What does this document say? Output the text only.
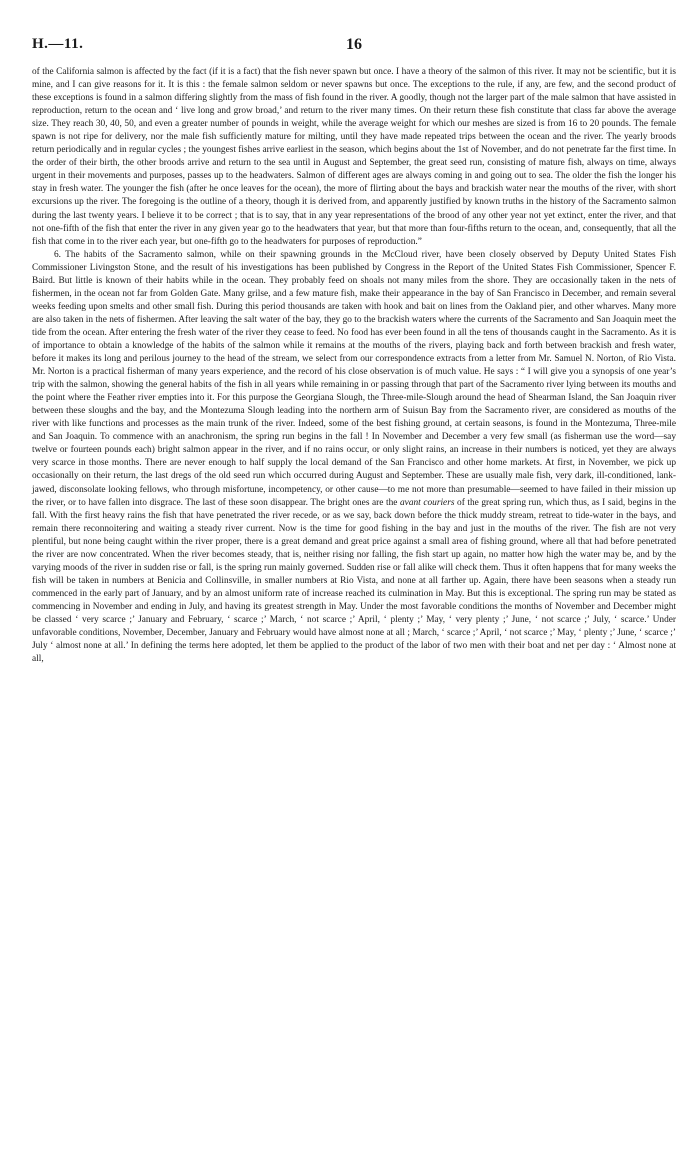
H.—11.	16

of the California salmon is affected by the fact (if it is a fact) that the fish never spawn but once. I have a theory of the salmon of this river. It may not be scientific, but it is mine, and I can give reasons for it. It is this : the female salmon seldom or never spawns but once. The exceptions to the rule, if any, are few, and the second product of these exceptions is found in a salmon differing slightly from the mass of fish found in the river. A goodly, though not the larger part of the male salmon that have assisted in reproduction, return to the ocean and ‘ live long and grow broad,’ and return to the river many times. On their return these fish constitute that class far above the average size. They reach 30, 40, 50, and even a greater number of pounds in weight, while the average weight for which our meshes are sized is from 16 to 20 pounds. The female spawn is not ripe for delivery, nor the male fish sufficiently mature for milting, until they have made repeated trips between the ocean and the river. The yearly broods return periodically and in regular cycles ; the youngest fishes arrive earliest in the season, which begins about the 1st of November, and do not penetrate far the first time. In the order of their birth, the other broods arrive and return to the sea until in August and September, the great seed run, consisting of mature fish, always on time, always urgent in their movements and purposes, passes up to the headwaters. Salmon of different ages are always coming in and going out to sea. The older the fish the longer his stay in fresh water. The younger the fish (after he once leaves for the ocean), the more of flirting about the bays and brackish water near the mouths of the river, with short excursions up the river. The foregoing is the outline of a theory, though it is derived from, and apparently justified by known truths in the history of the Sacramento salmon during the last twenty years. I believe it to be correct ; that is to say, that in any year representations of the brood of any other year not yet extinct, enter the river, and that not one-fifth of the fish that enter the river in any given year go to the headwaters that year, but that more than four-fifths return to the ocean, and, consequently, that all the fish that come in to the river each year, but one-fifth go to the headwaters for purposes of reproduction.”

6. The habits of the Sacramento salmon, while on their spawning grounds in the McCloud river, have been closely observed by Deputy United States Fish Commissioner Livingston Stone, and the result of his investigations has been published by Congress in the Report of the United States Fish Commissioner, Spencer F. Baird. But little is known of their habits while in the ocean. They probably feed on shoals not many miles from the shore. They are occasionally taken in the nets of fishermen, in the ocean not far from Golden Gate. Many grilse, and a few mature fish, make their appearance in the bay of San Francisco in December, and remain several weeks feeding upon smelts and other small fish. During this period thousands are taken with hook and bait on lines from the Oakland pier, and other wharves. Many more are also taken in the nets of fishermen. After leaving the salt water of the bay, they go to the brackish waters where the currents of the Sacramento and San Joaquin meet the tide from the ocean. After entering the fresh water of the river they cease to feed. No food has ever been found in all the tens of thousands caught in the Sacramento. As it is of importance to obtain a knowledge of the habits of the salmon while it remains at the mouths of the rivers, playing back and forth between brackish and fresh water, before it makes its long and perilous journey to the head of the stream, we select from our correspondence extracts from a letter from Mr. Samuel N. Norton, of Rio Vista. Mr. Norton is a practical fisherman of many years experience, and the record of his close observation is of much value. He says : “ I will give you a synopsis of one year’s trip with the salmon, showing the general habits of the fish in all years while remaining in or passing through that part of the Sacramento river lying between its mouths and the point where the Feather river empties into it. For this purpose the Georgiana Slough, the Three-mile-Slough around the head of Shearman Island, the San Joaquin river between these sloughs and the bay, and the Montezuma Slough leading into the northern arm of Suisun Bay from the Sacramento river, are considered as mouths of the river with like functions and processes as the main trunk of the river. Indeed, some of the best fishing ground, at certain seasons, is found in the Montezuma, Three-mile and San Joaquin. To commence with an anachronism, the spring run begins in the fall ! In November and December a very few small (as fisherman use the word—say twelve or fourteen pounds each) bright salmon appear in the river, and if no rains occur, or only slight rains, an increase in their numbers is noticed, yet they are always very scarce in those months. There are never enough to half supply the local demand of the San Francisco and other home markets. At first, in November, we pick up occasionally on their return, the last dregs of the old seed run which occurred during August and September. These are usually male fish, very dark, ill-conditioned, lank-jawed, disconsolate looking fellows, who through misfortune, incompetency, or other cause—to me not more than presumable—seemed to have failed in their mission up the river, or to have fallen into disgrace. The last of these soon disappear. The bright ones are the avant couriers of the great spring run, which thus, as I said, begins in the fall. With the first heavy rains the fish that have penetrated the river recede, or as we say, back down before the thick muddy stream, retreat to tide-water in the bays, and remain there reconnoitering and waiting a steady river current. Now is the time for good fishing in the bay and just in the mouths of the river. The fish are not very plentiful, but none being caught within the river proper, there is a great demand and great price against a small area of fishing ground, where all that had before penetrated the river are now concentrated. When the river becomes steady, that is, neither rising nor falling, the fish start up again, no matter how high the water may be, and by the varying moods of the river in sudden rise or fall, is the spring run mainly governed. Sudden rise or fall alike will check them. Thus it often happens that for many weeks the fish will be taken in numbers at Benicia and Collinsville, in smaller numbers at Rio Vista, and none at all farther up. Again, there have been seasons when a steady run commenced in the early part of January, and by an almost uniform rate of increase reached its culmination in May. But this is exceptional. The spring run may be stated as commencing in November and ending in July, and having its greatest strength in May. Under the most favorable conditions the months of November and December might be classed ‘ very scarce ;’ January and February, ‘ scarce ;’ March, ‘ not scarce ;’ April, ‘ plenty ;’ May, ‘ very plenty ;’ June, ‘ not scarce ;’ July, ‘ scarce.’ Under unfavorable conditions, November, December, January and February would have almost none at all ; March, ‘ scarce ;’ April, ‘ not scarce ;’ May, ‘ plenty ;’ June, ‘ scarce ;’ July ‘ almost none at all.’ In defining the terms here adopted, let them be applied to the product of the labor of two men with their boat and net per day : ‘ Almost none at all,
